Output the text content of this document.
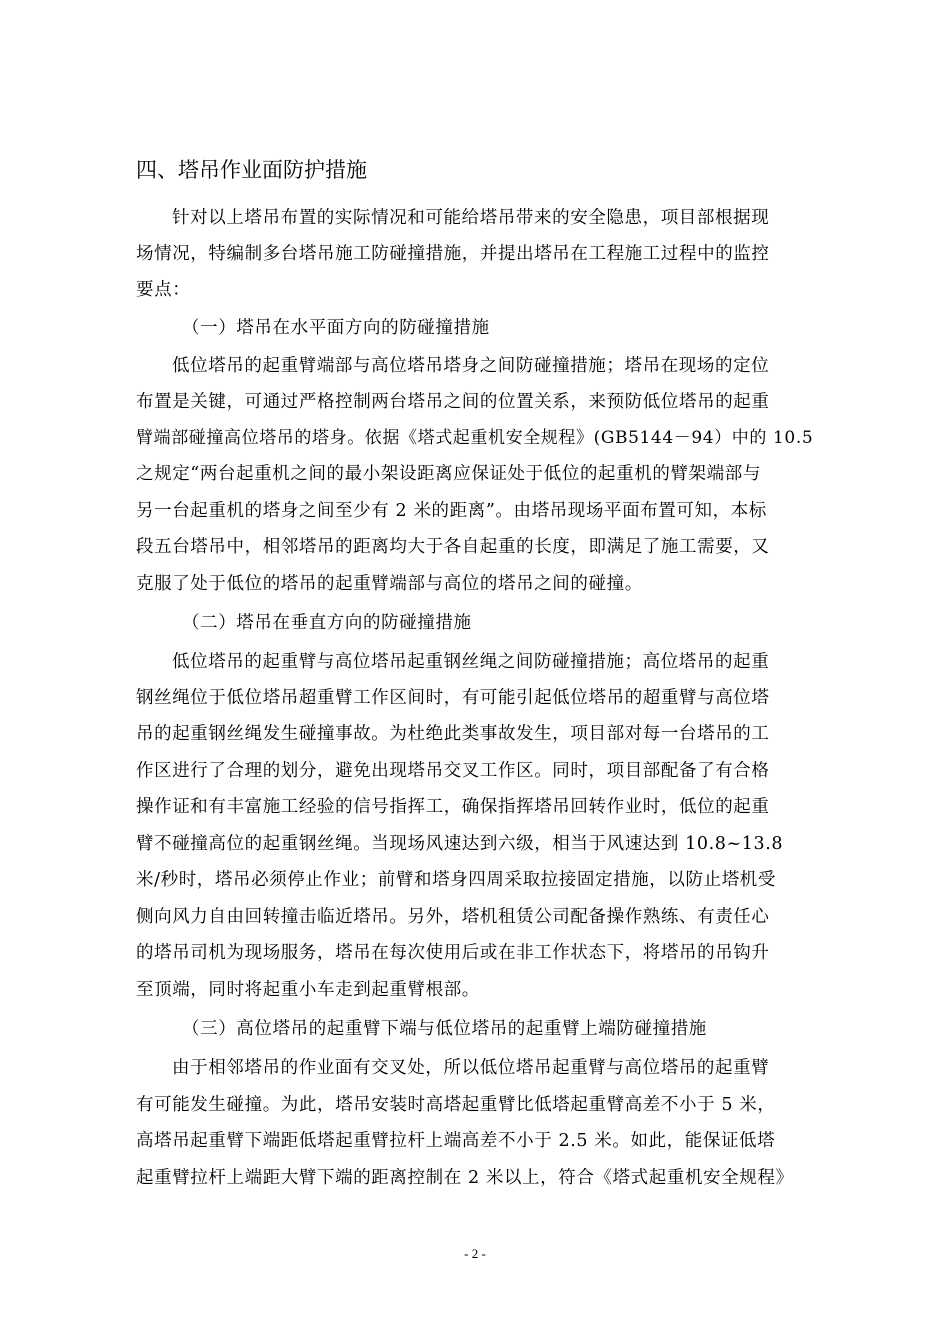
四、塔吊作业面防护措施
针对以上塔吊布置的实际情况和可能给塔吊带来的安全隐患，项目部根据现
场情况，特编制多台塔吊施工防碰撞措施，并提出塔吊在工程施工过程中的监控
要点：
（一）塔吊在水平面方向的防碰撞措施
低位塔吊的起重臂端部与高位塔吊塔身之间防碰撞措施；塔吊在现场的定位
布置是关键，可通过严格控制两台塔吊之间的位置关系，来预防低位塔吊的起重
臂端部碰撞高位塔吊的塔身。依据《塔式起重机安全规程》(GB5144－94）中的 10.5
之规定“两台起重机之间的最小架设距离应保证处于低位的起重机的臂架端部与
另一台起重机的塔身之间至少有 2 米的距离”。由塔吊现场平面布置可知，本标
段五台塔吊中，相邻塔吊的距离均大于各自起重的长度，即满足了施工需要，又
克服了处于低位的塔吊的起重臂端部与高位的塔吊之间的碰撞。
（二）塔吊在垂直方向的防碰撞措施
低位塔吊的起重臂与高位塔吊起重钢丝绳之间防碰撞措施；高位塔吊的起重
钢丝绳位于低位塔吊超重臂工作区间时，有可能引起低位塔吊的超重臂与高位塔
吊的起重钢丝绳发生碰撞事故。为杜绝此类事故发生，项目部对每一台塔吊的工
作区进行了合理的划分，避免出现塔吊交叉工作区。同时，项目部配备了有合格
操作证和有丰富施工经验的信号指挥工，确保指挥塔吊回转作业时，低位的起重
臂不碰撞高位的起重钢丝绳。当现场风速达到六级，相当于风速达到 10.8~13.8
米/秒时，塔吊必须停止作业；前臂和塔身四周采取拉接固定措施，以防止塔机受
侧向风力自由回转撞击临近塔吊。另外，塔机租赁公司配备操作熟练、有责任心
的塔吊司机为现场服务，塔吊在每次使用后或在非工作状态下，将塔吊的吊钩升
至顶端，同时将起重小车走到起重臂根部。
（三）高位塔吊的起重臂下端与低位塔吊的起重臂上端防碰撞措施
由于相邻塔吊的作业面有交叉处，所以低位塔吊起重臂与高位塔吊的起重臂
有可能发生碰撞。为此，塔吊安装时高塔起重臂比低塔起重臂高差不小于 5 米，
高塔吊起重臂下端距低塔起重臂拉杆上端高差不小于 2.5 米。如此，能保证低塔
起重臂拉杆上端距大臂下端的距离控制在 2 米以上，符合《塔式起重机安全规程》
- 2 -
